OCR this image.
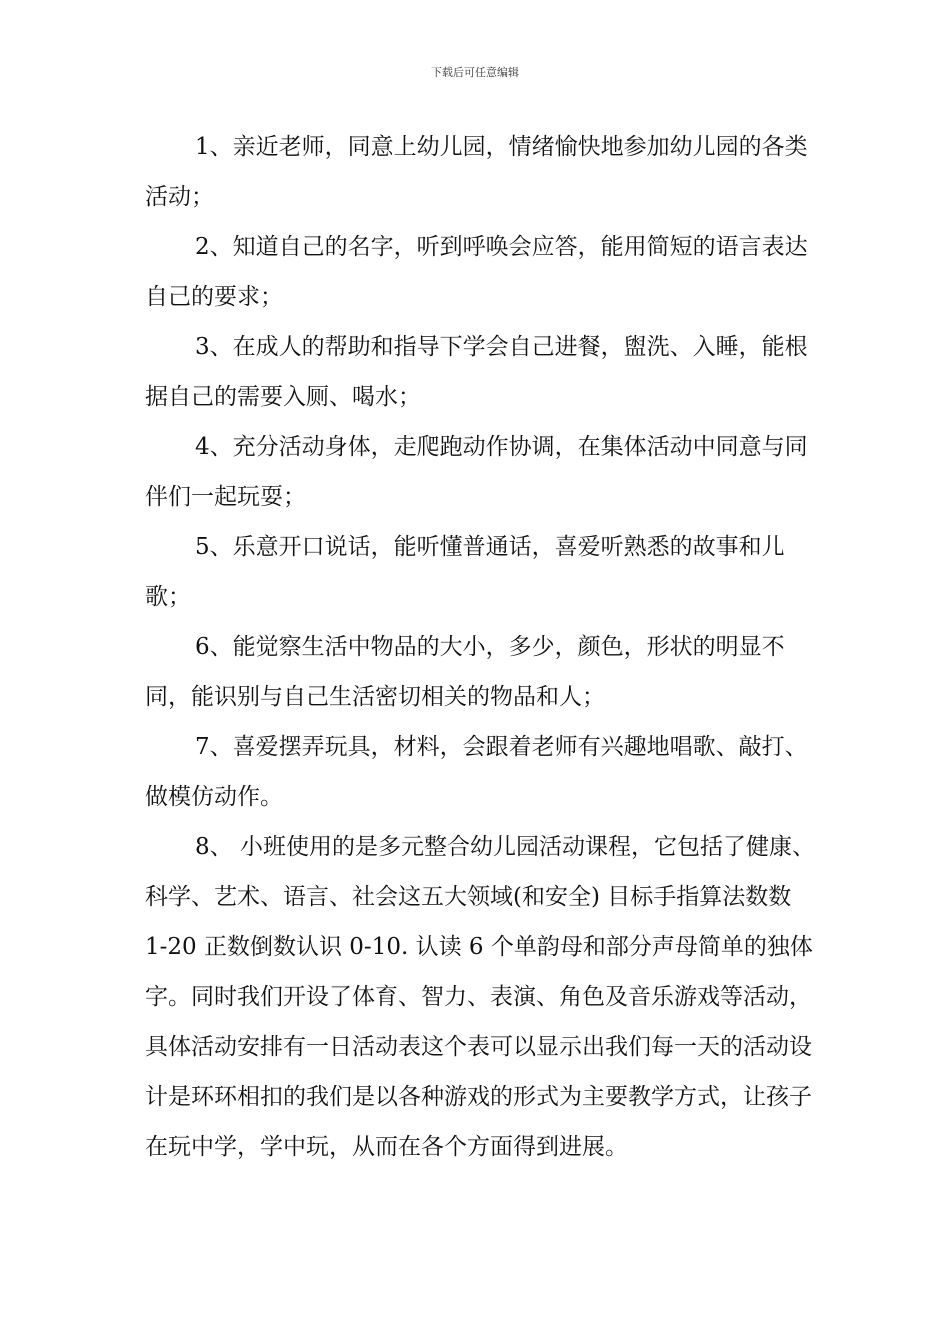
下载后可任意编辑

1、亲近老师，同意上幼儿园，情绪愉快地参加幼儿园的各类活动；

2、知道自己的名字，听到呼唤会应答，能用简短的语言表达自己的要求；

3、在成人的帮助和指导下学会自己进餐，盥洗、入睡，能根据自己的需要入厕、喝水；

4、充分活动身体，走爬跑动作协调，在集体活动中同意与同伴们一起玩耍；

5、乐意开口说话，能听懂普通话，喜爱听熟悉的故事和儿歌；

6、能觉察生活中物品的大小，多少，颜色，形状的明显不同，能识别与自己生活密切相关的物品和人；

7、喜爱摆弄玩具，材料，会跟着老师有兴趣地唱歌、敲打、做模仿动作。

8、 小班使用的是多元整合幼儿园活动课程，它包括了健康、科学、艺术、语言、社会这五大领域(和安全) 目标手指算法数数 1-20 正数倒数认识 0-10. 认读 6 个单韵母和部分声母简单的独体字。同时我们开设了体育、智力、表演、角色及音乐游戏等活动，具体活动安排有一日活动表这个表可以显示出我们每一天的活动设计是环环相扣的我们是以各种游戏的形式为主要教学方式，让孩子在玩中学，学中玩，从而在各个方面得到进展。
